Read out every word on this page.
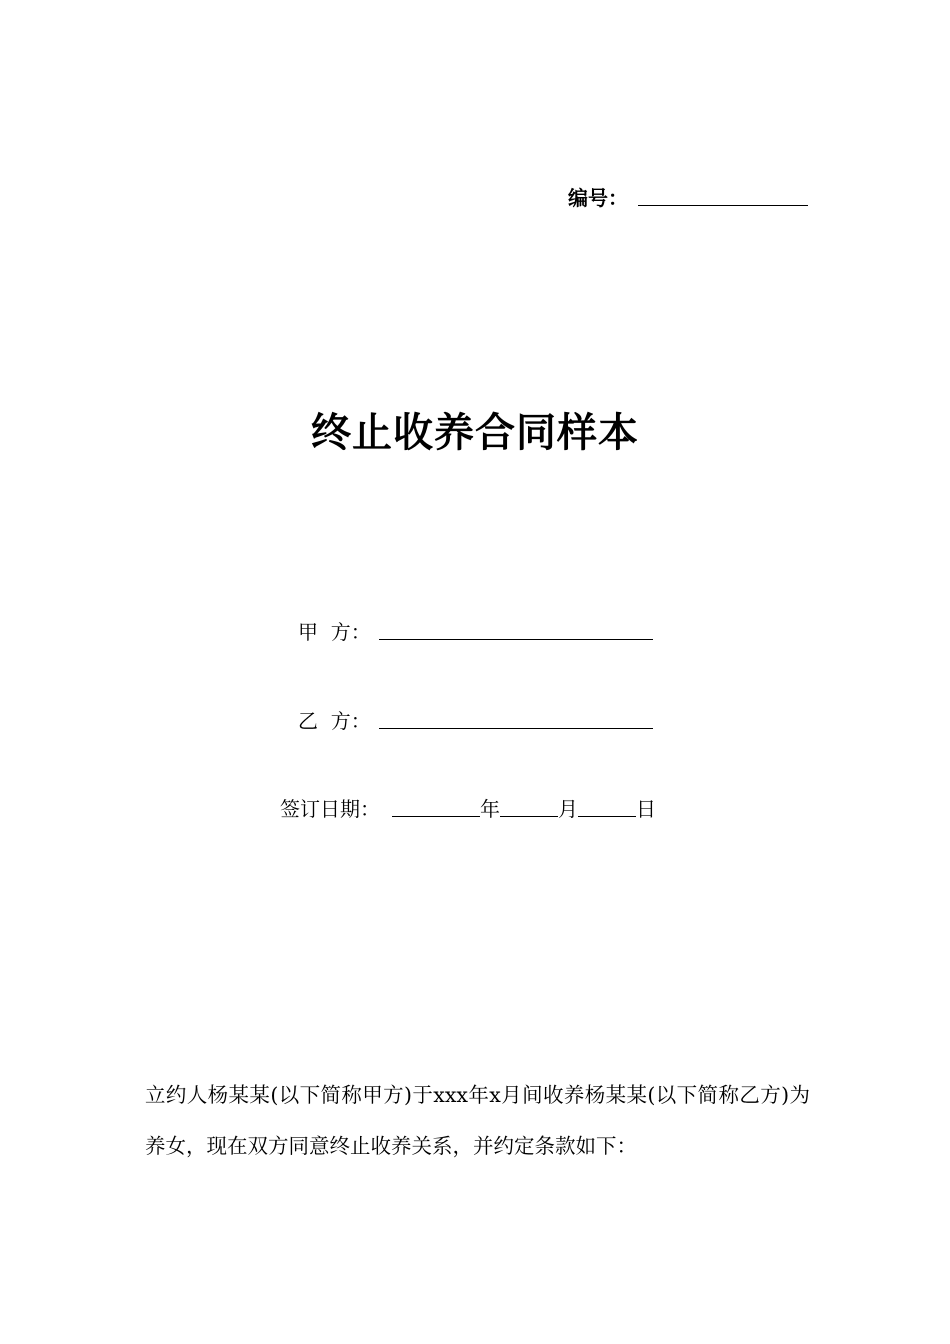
编号：
终止收养合同样本
甲  方：
乙  方：
签订日期：	年	月	日

立约人杨某某(以下简称甲方)于xxx年x月间收养杨某某(以下简称乙方)为养女，现在双方同意终止收养关系，并约定条款如下：
